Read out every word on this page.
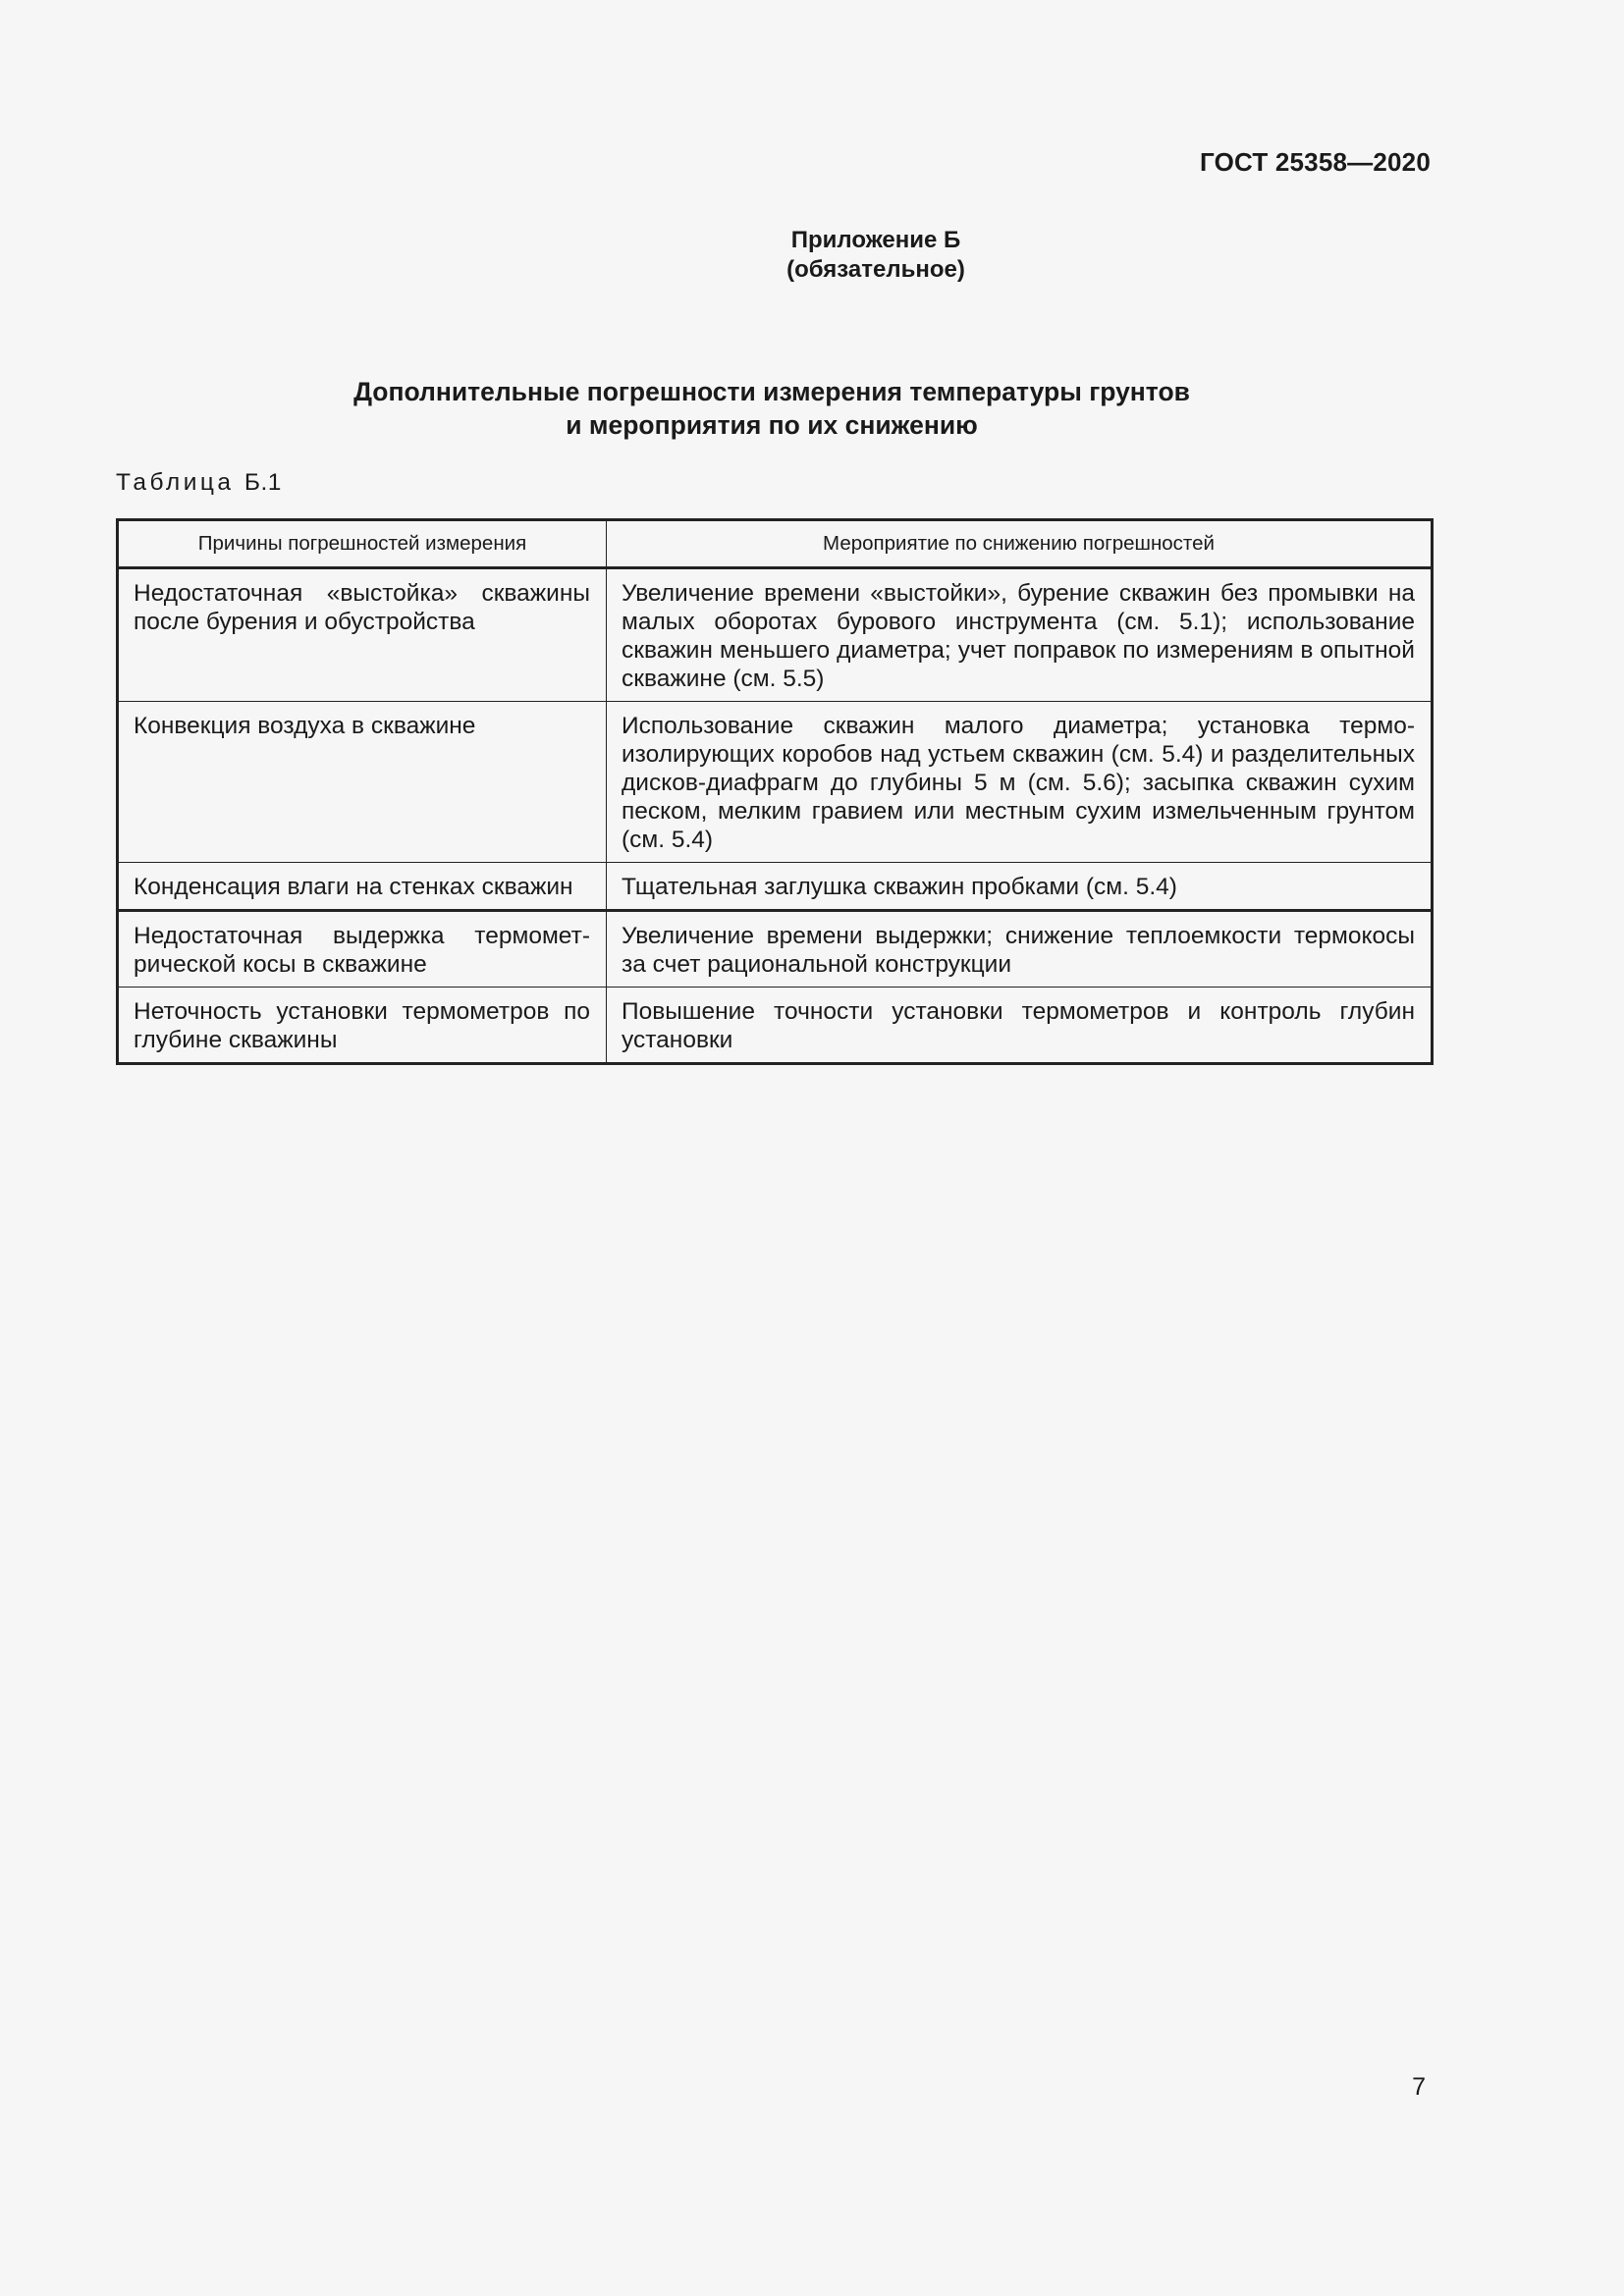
ГОСТ 25358—2020
Приложение Б
(обязательное)
Дополнительные погрешности измерения температуры грунтов
и мероприятия по их снижению
Таблица Б.1
Причины погрешностей измерения	Мероприятие по снижению погрешностей
Недостаточная «выстойка» скважины после бурения и обустройства	Увеличение времени «выстойки», бурение скважин без промывки на малых оборотах бурового инструмента (см. 5.1); использование скважин меньшего диаметра; учет поправок по измерениям в опытной скважине (см. 5.5)
Конвекция воздуха в скважине	Использование скважин малого диаметра; установка термоизолирующих коробов над устьем скважин (см. 5.4) и разделительных дисков-диафрагм до глубины 5 м (см. 5.6); засыпка скважин сухим песком, мелким гравием или местным сухим измельченным грунтом (см. 5.4)
Конденсация влаги на стенках скважин	Тщательная заглушка скважин пробками (см. 5.4)
Недостаточная выдержка термометрической косы в скважине	Увеличение времени выдержки; снижение теплоемкости термокосы за счет рациональной конструкции
Неточность установки термометров по глубине скважины	Повышение точности установки термометров и контроль глубин установки
7
